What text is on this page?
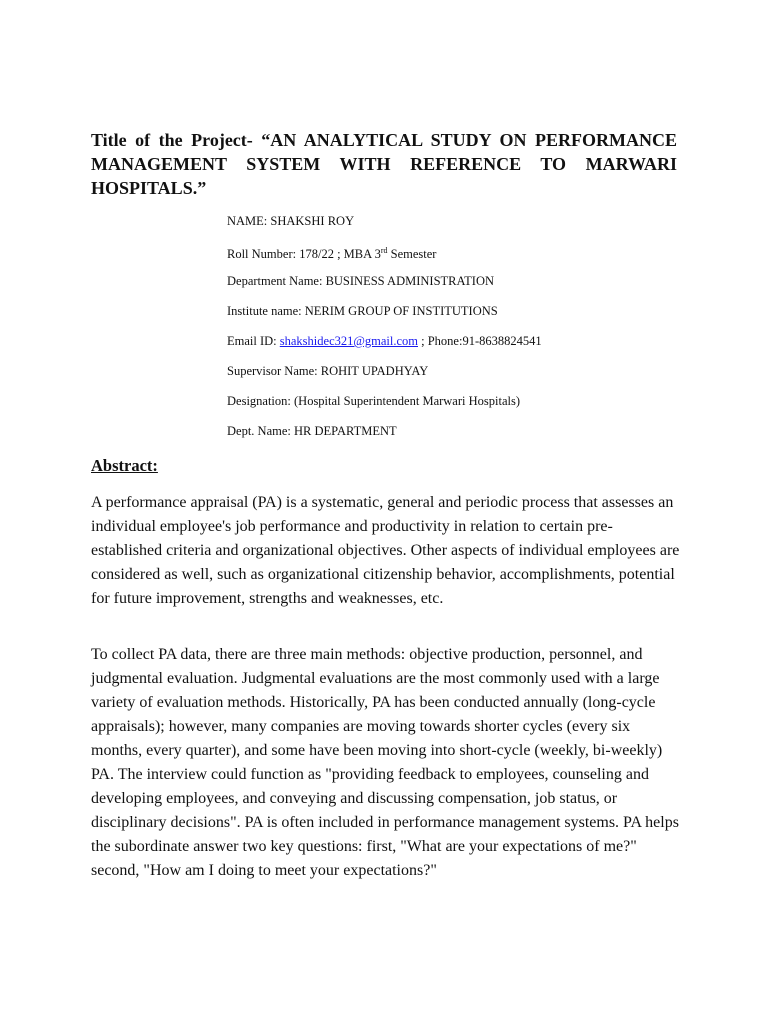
Title of the Project- “AN ANALYTICAL STUDY ON PERFORMANCE
MANAGEMENT SYSTEM WITH REFERENCE TO MARWARI
HOSPITALS.”
NAME: SHAKSHI ROY
Roll Number: 178/22 ; MBA 3rd Semester
Department Name: BUSINESS ADMINISTRATION
Institute name: NERIM GROUP OF INSTITUTIONS
Email ID: shakshidec321@gmail.com ; Phone:91-8638824541
Supervisor Name: ROHIT UPADHYAY
Designation: (Hospital Superintendent Marwari Hospitals)
Dept. Name: HR DEPARTMENT
Abstract:

A performance appraisal (PA) is a systematic, general and periodic process that assesses an individual employee's job performance and productivity in relation to certain pre-established criteria and organizational objectives. Other aspects of individual employees are considered as well, such as organizational citizenship behavior, accomplishments, potential for future improvement, strengths and weaknesses, etc.

To collect PA data, there are three main methods: objective production, personnel, and judgmental evaluation. Judgmental evaluations are the most commonly used with a large variety of evaluation methods. Historically, PA has been conducted annually (long-cycle appraisals); however, many companies are moving towards shorter cycles (every six months, every quarter), and some have been moving into short-cycle (weekly, bi-weekly) PA. The interview could function as "providing feedback to employees, counseling and developing employees, and conveying and discussing compensation, job status, or disciplinary decisions". PA is often included in performance management systems. PA helps the subordinate answer two key questions: first, "What are your expectations of me?" second, "How am I doing to meet your expectations?"
